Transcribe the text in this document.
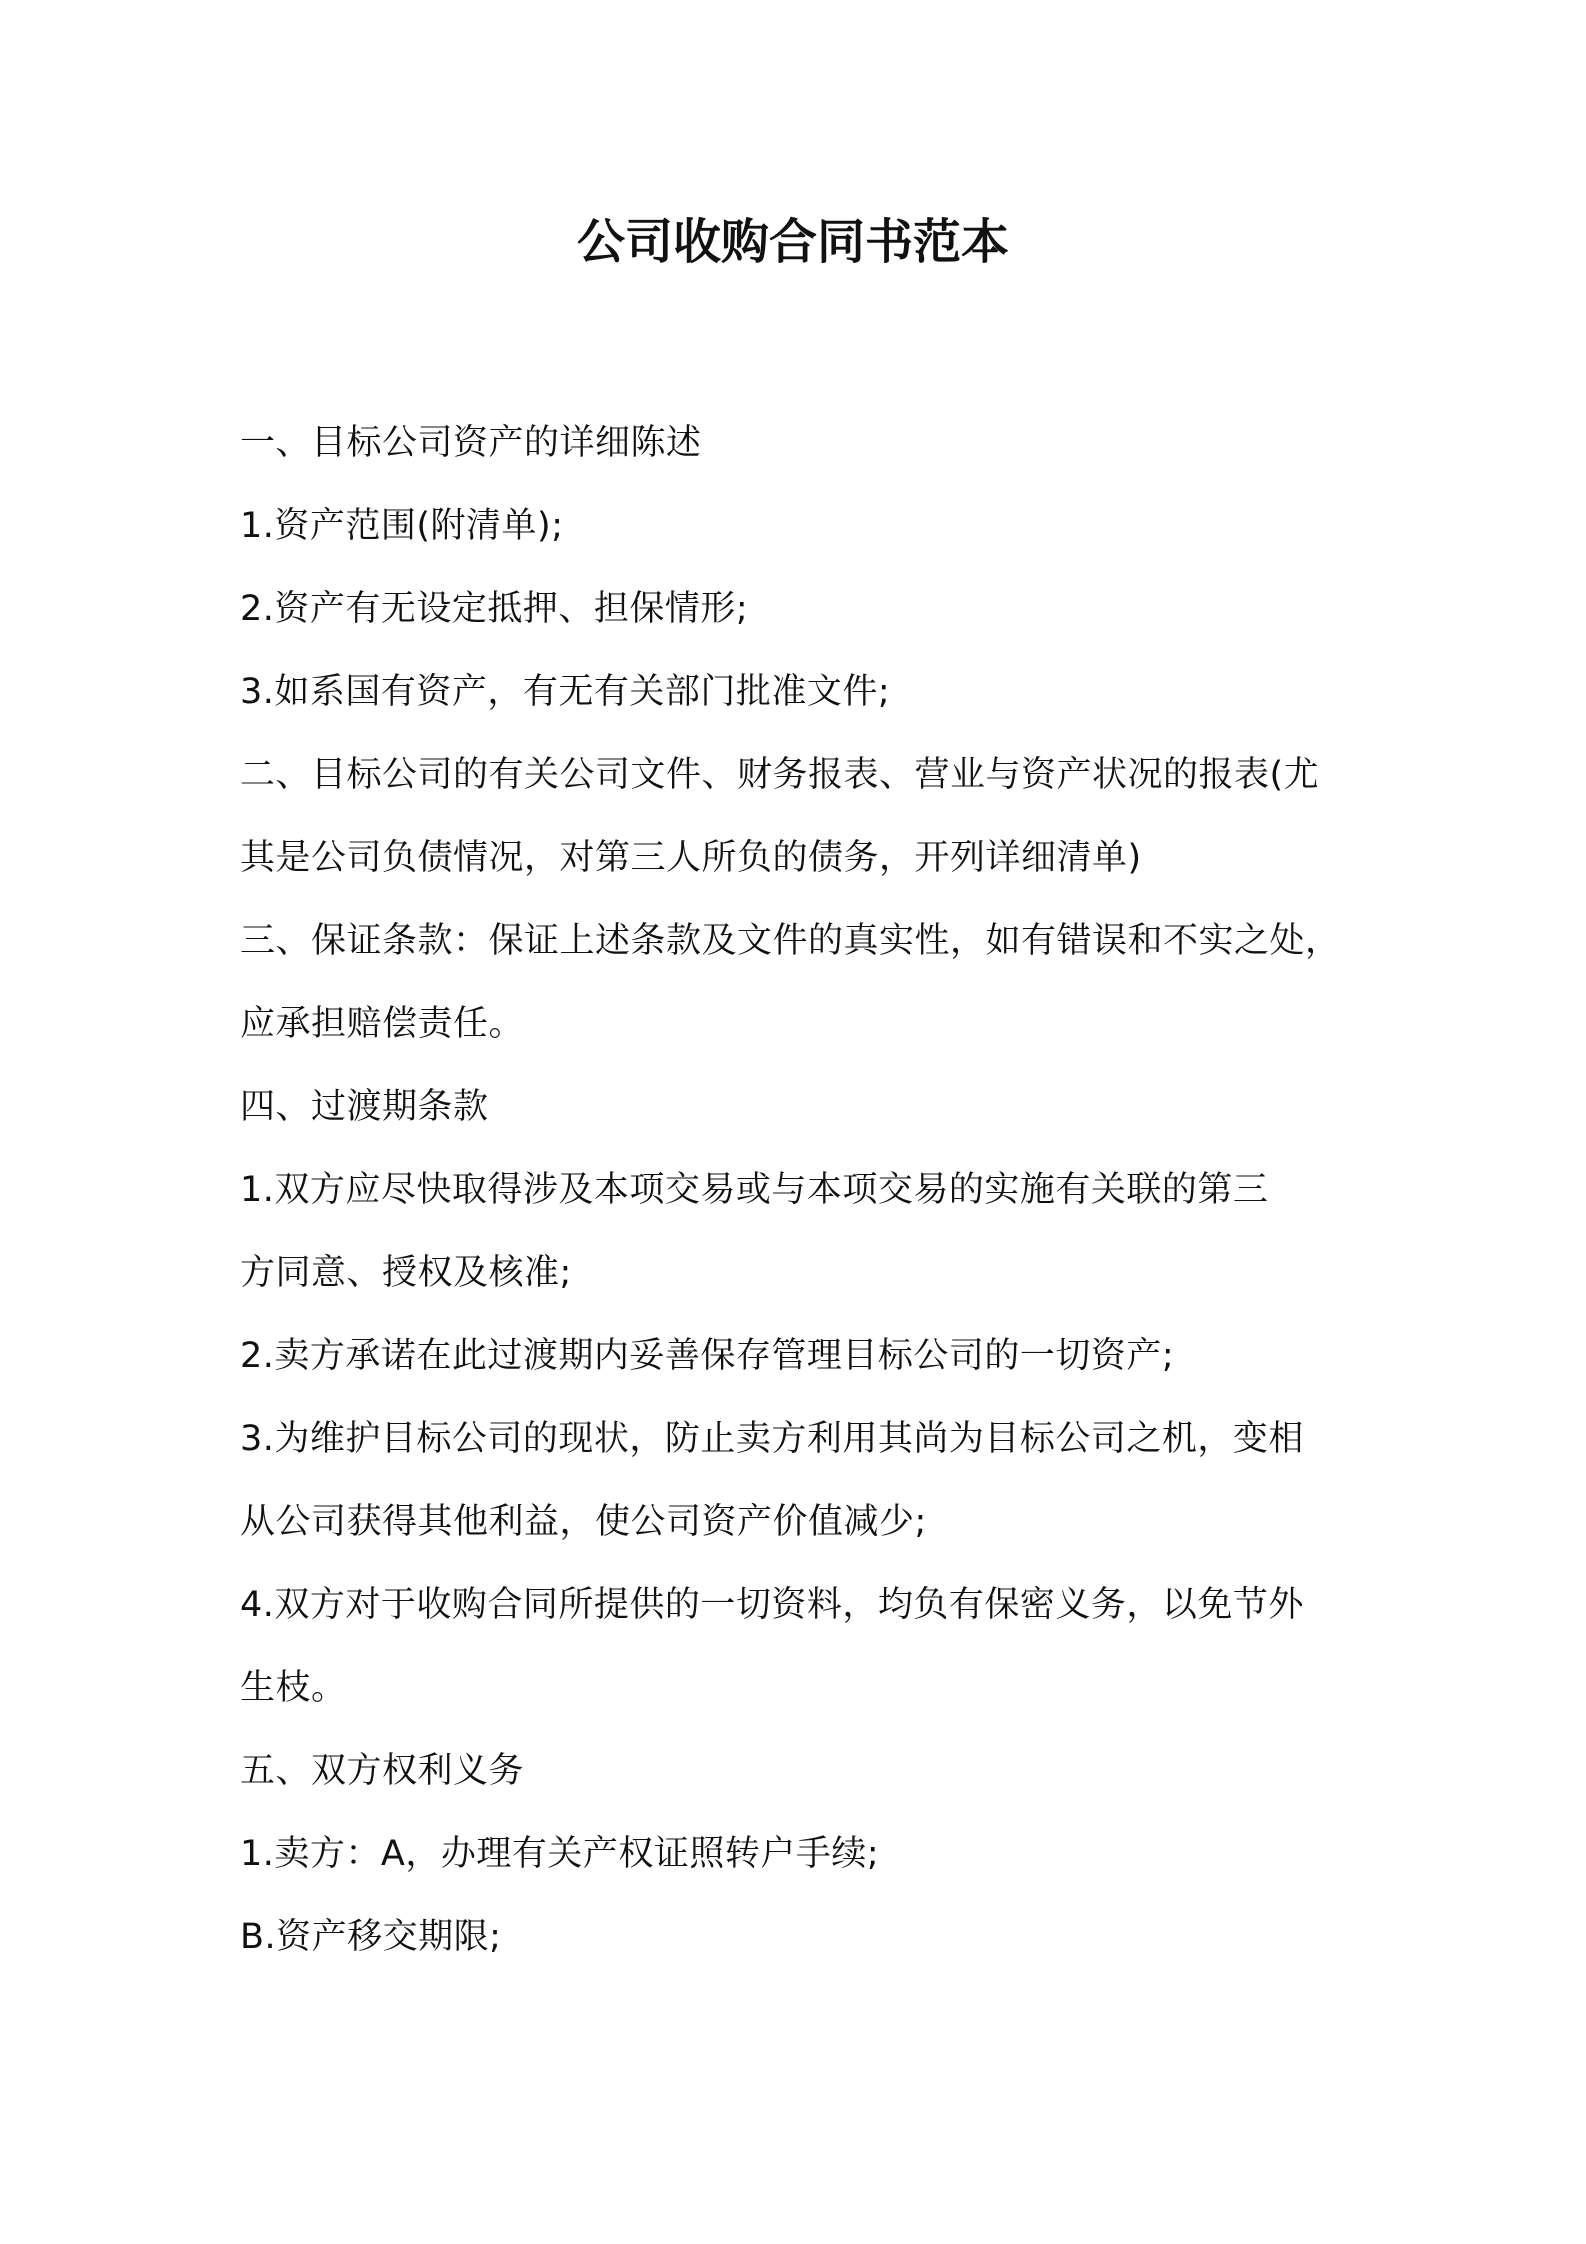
公司收购合同书范本
一、目标公司资产的详细陈述
1.资产范围(附清单);
2.资产有无设定抵押、担保情形;
3.如系国有资产，有无有关部门批准文件;
二、目标公司的有关公司文件、财务报表、营业与资产状况的报表(尤
其是公司负债情况，对第三人所负的债务，开列详细清单)
三、保证条款：保证上述条款及文件的真实性，如有错误和不实之处，
应承担赔偿责任。
四、过渡期条款
1.双方应尽快取得涉及本项交易或与本项交易的实施有关联的第三
方同意、授权及核准;
2.卖方承诺在此过渡期内妥善保存管理目标公司的一切资产;
3.为维护目标公司的现状，防止卖方利用其尚为目标公司之机，变相
从公司获得其他利益，使公司资产价值减少;
4.双方对于收购合同所提供的一切资料，均负有保密义务，以免节外
生枝。
五、双方权利义务
1.卖方：A，办理有关产权证照转户手续;
B.资产移交期限;
